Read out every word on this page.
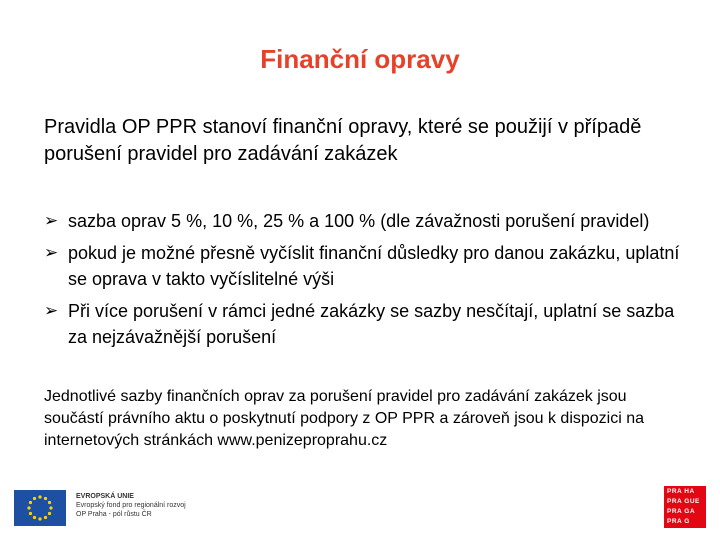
Finanční opravy

Pravidla OP PPR stanoví finanční opravy, které se použijí v případě porušení pravidel pro zadávání zakázek

➢ sazba oprav 5 %, 10 %, 25 % a 100 % (dle závažnosti porušení pravidel)
➢ pokud je možné přesně vyčíslit finanční důsledky pro danou zakázku, uplatní se oprava v takto vyčíslitelné výši
➢ Při více porušení v rámci jedné zakázky se sazby nesčítají, uplatní se sazba za nejzávažnější porušení

Jednotlivé sazby finančních oprav za porušení pravidel pro zadávání zakázek jsou součástí právního aktu o poskytnutí podpory z OP PPR a zároveň jsou k dispozici na internetových stránkách www.penizeproprahu.cz

EVROPSKÁ UNIE
Evropský fond pro regionální rozvoj
OP Praha - pól růstu ČR
PRA HA
PRA GUE
PRA GA
PRA G
